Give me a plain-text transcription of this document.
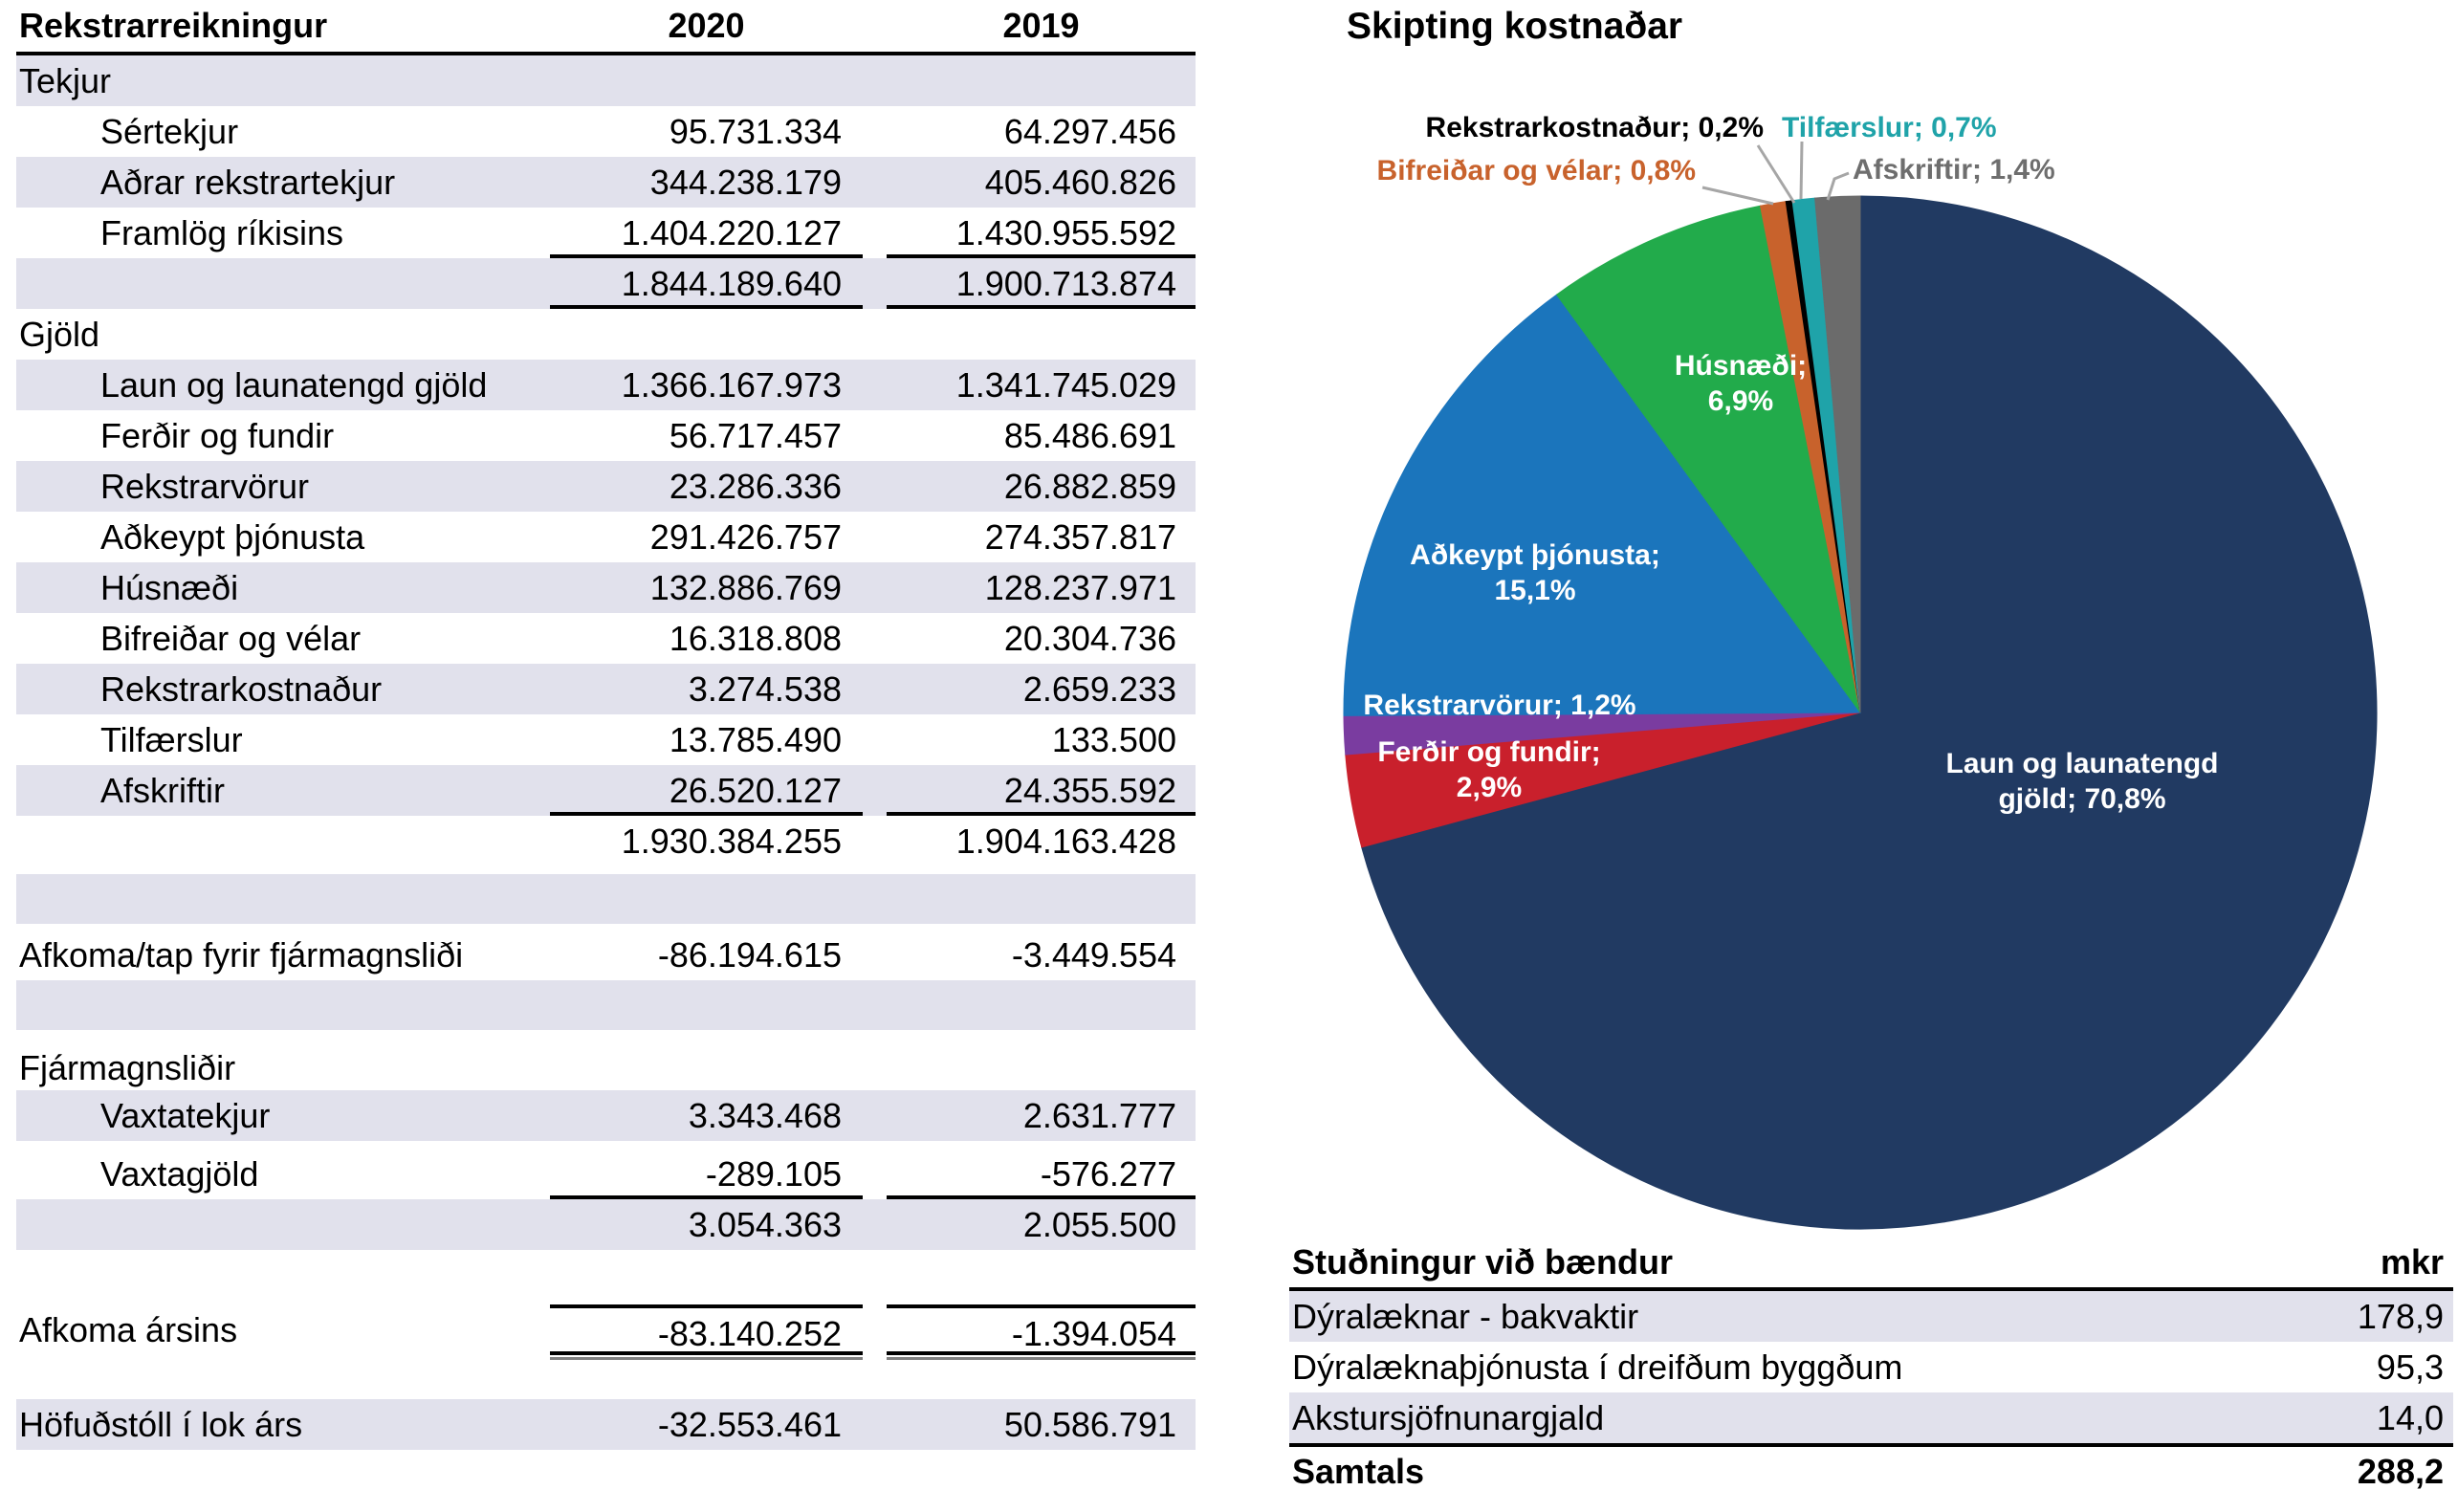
Rekstrarreikningur	2020	2019
Tekjur
Sértekjur	95.731.334	64.297.456
Aðrar rekstrartekjur	344.238.179	405.460.826
Framlög ríkisins	1.404.220.127	1.430.955.592
1.844.189.640	1.900.713.874
Gjöld
Laun og launatengd gjöld	1.366.167.973	1.341.745.029
Ferðir og fundir	56.717.457	85.486.691
Rekstrarvörur	23.286.336	26.882.859
Aðkeypt þjónusta	291.426.757	274.357.817
Húsnæði	132.886.769	128.237.971
Bifreiðar og vélar	16.318.808	20.304.736
Rekstrarkostnaður	3.274.538	2.659.233
Tilfærslur	13.785.490	133.500
Afskriftir	26.520.127	24.355.592
1.930.384.255	1.904.163.428
Afkoma/tap fyrir fjármagnsliði	-86.194.615	-3.449.554
Fjármagnsliðir
Vaxtatekjur	3.343.468	2.631.777
Vaxtagjöld	-289.105	-576.277
3.054.363	2.055.500
Afkoma ársins	-83.140.252	-1.394.054
Höfuðstóll í lok árs	-32.553.461	50.586.791
Skipting kostnaðar
Laun og launatengd
gjöld; 70,8%
Ferðir og fundir;
2,9%
Rekstrarvörur; 1,2%
Aðkeypt þjónusta;
15,1%
Húsnæði;
6,9%
Bifreiðar og vélar; 0,8%
Rekstrarkostnaður; 0,2% Tilfærslur; 0,7%
Afskriftir; 1,4%
Stuðningur við bændur	mkr
Dýralæknar - bakvaktir	178,9
Dýralæknaþjónusta í dreifðum byggðum	95,3
Akstursjöfnunargjald	14,0
Samtals	288,2
